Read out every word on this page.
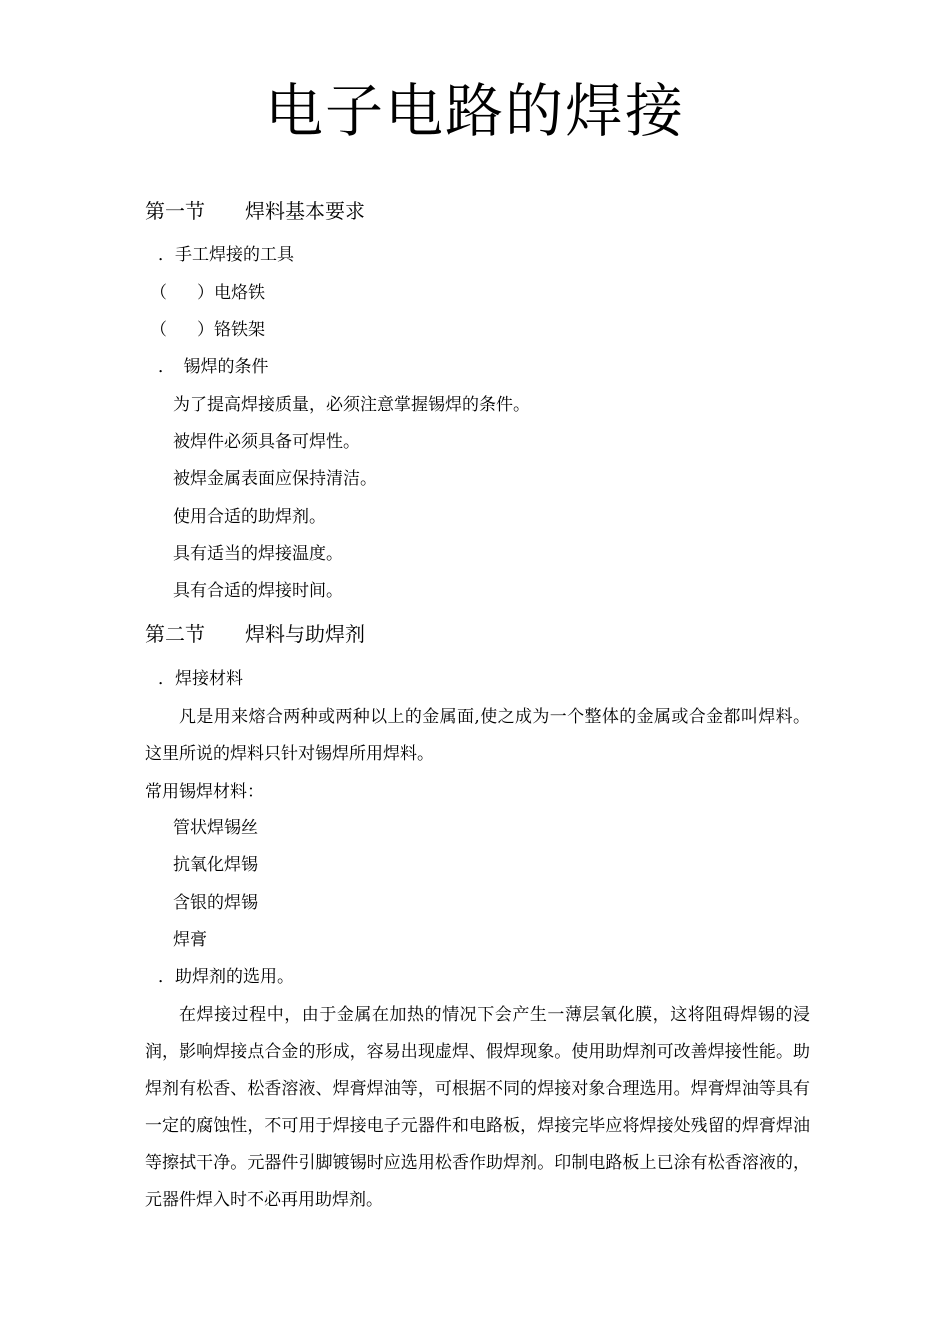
电子电路的焊接
第一节 焊料基本要求
．手工焊接的工具
（ ）电烙铁
（ ）铬铁架
．　锡焊的条件
为了提高焊接质量，必须注意掌握锡焊的条件。
被焊件必须具备可焊性。
被焊金属表面应保持清洁。
使用合适的助焊剂。
具有适当的焊接温度。
具有合适的焊接时间。
第二节 焊料与助焊剂
．焊接材料

凡是用来熔合两种或两种以上的金属面,使之成为一个整体的金属或合金都叫焊料。这里所说的焊料只针对锡焊所用焊料。

常用锡焊材料：
管状焊锡丝
抗氧化焊锡
含银的焊锡
焊膏
．助焊剂的选用。

在焊接过程中，由于金属在加热的情况下会产生一薄层氧化膜，这将阻碍焊锡的浸润，影响焊接点合金的形成，容易出现虚焊、假焊现象。使用助焊剂可改善焊接性能。助焊剂有松香、松香溶液、焊膏焊油等，可根据不同的焊接对象合理选用。焊膏焊油等具有一定的腐蚀性，不可用于焊接电子元器件和电路板，焊接完毕应将焊接处残留的焊膏焊油等擦拭干净。元器件引脚镀锡时应选用松香作助焊剂。印制电路板上已涂有松香溶液的，元器件焊入时不必再用助焊剂。
